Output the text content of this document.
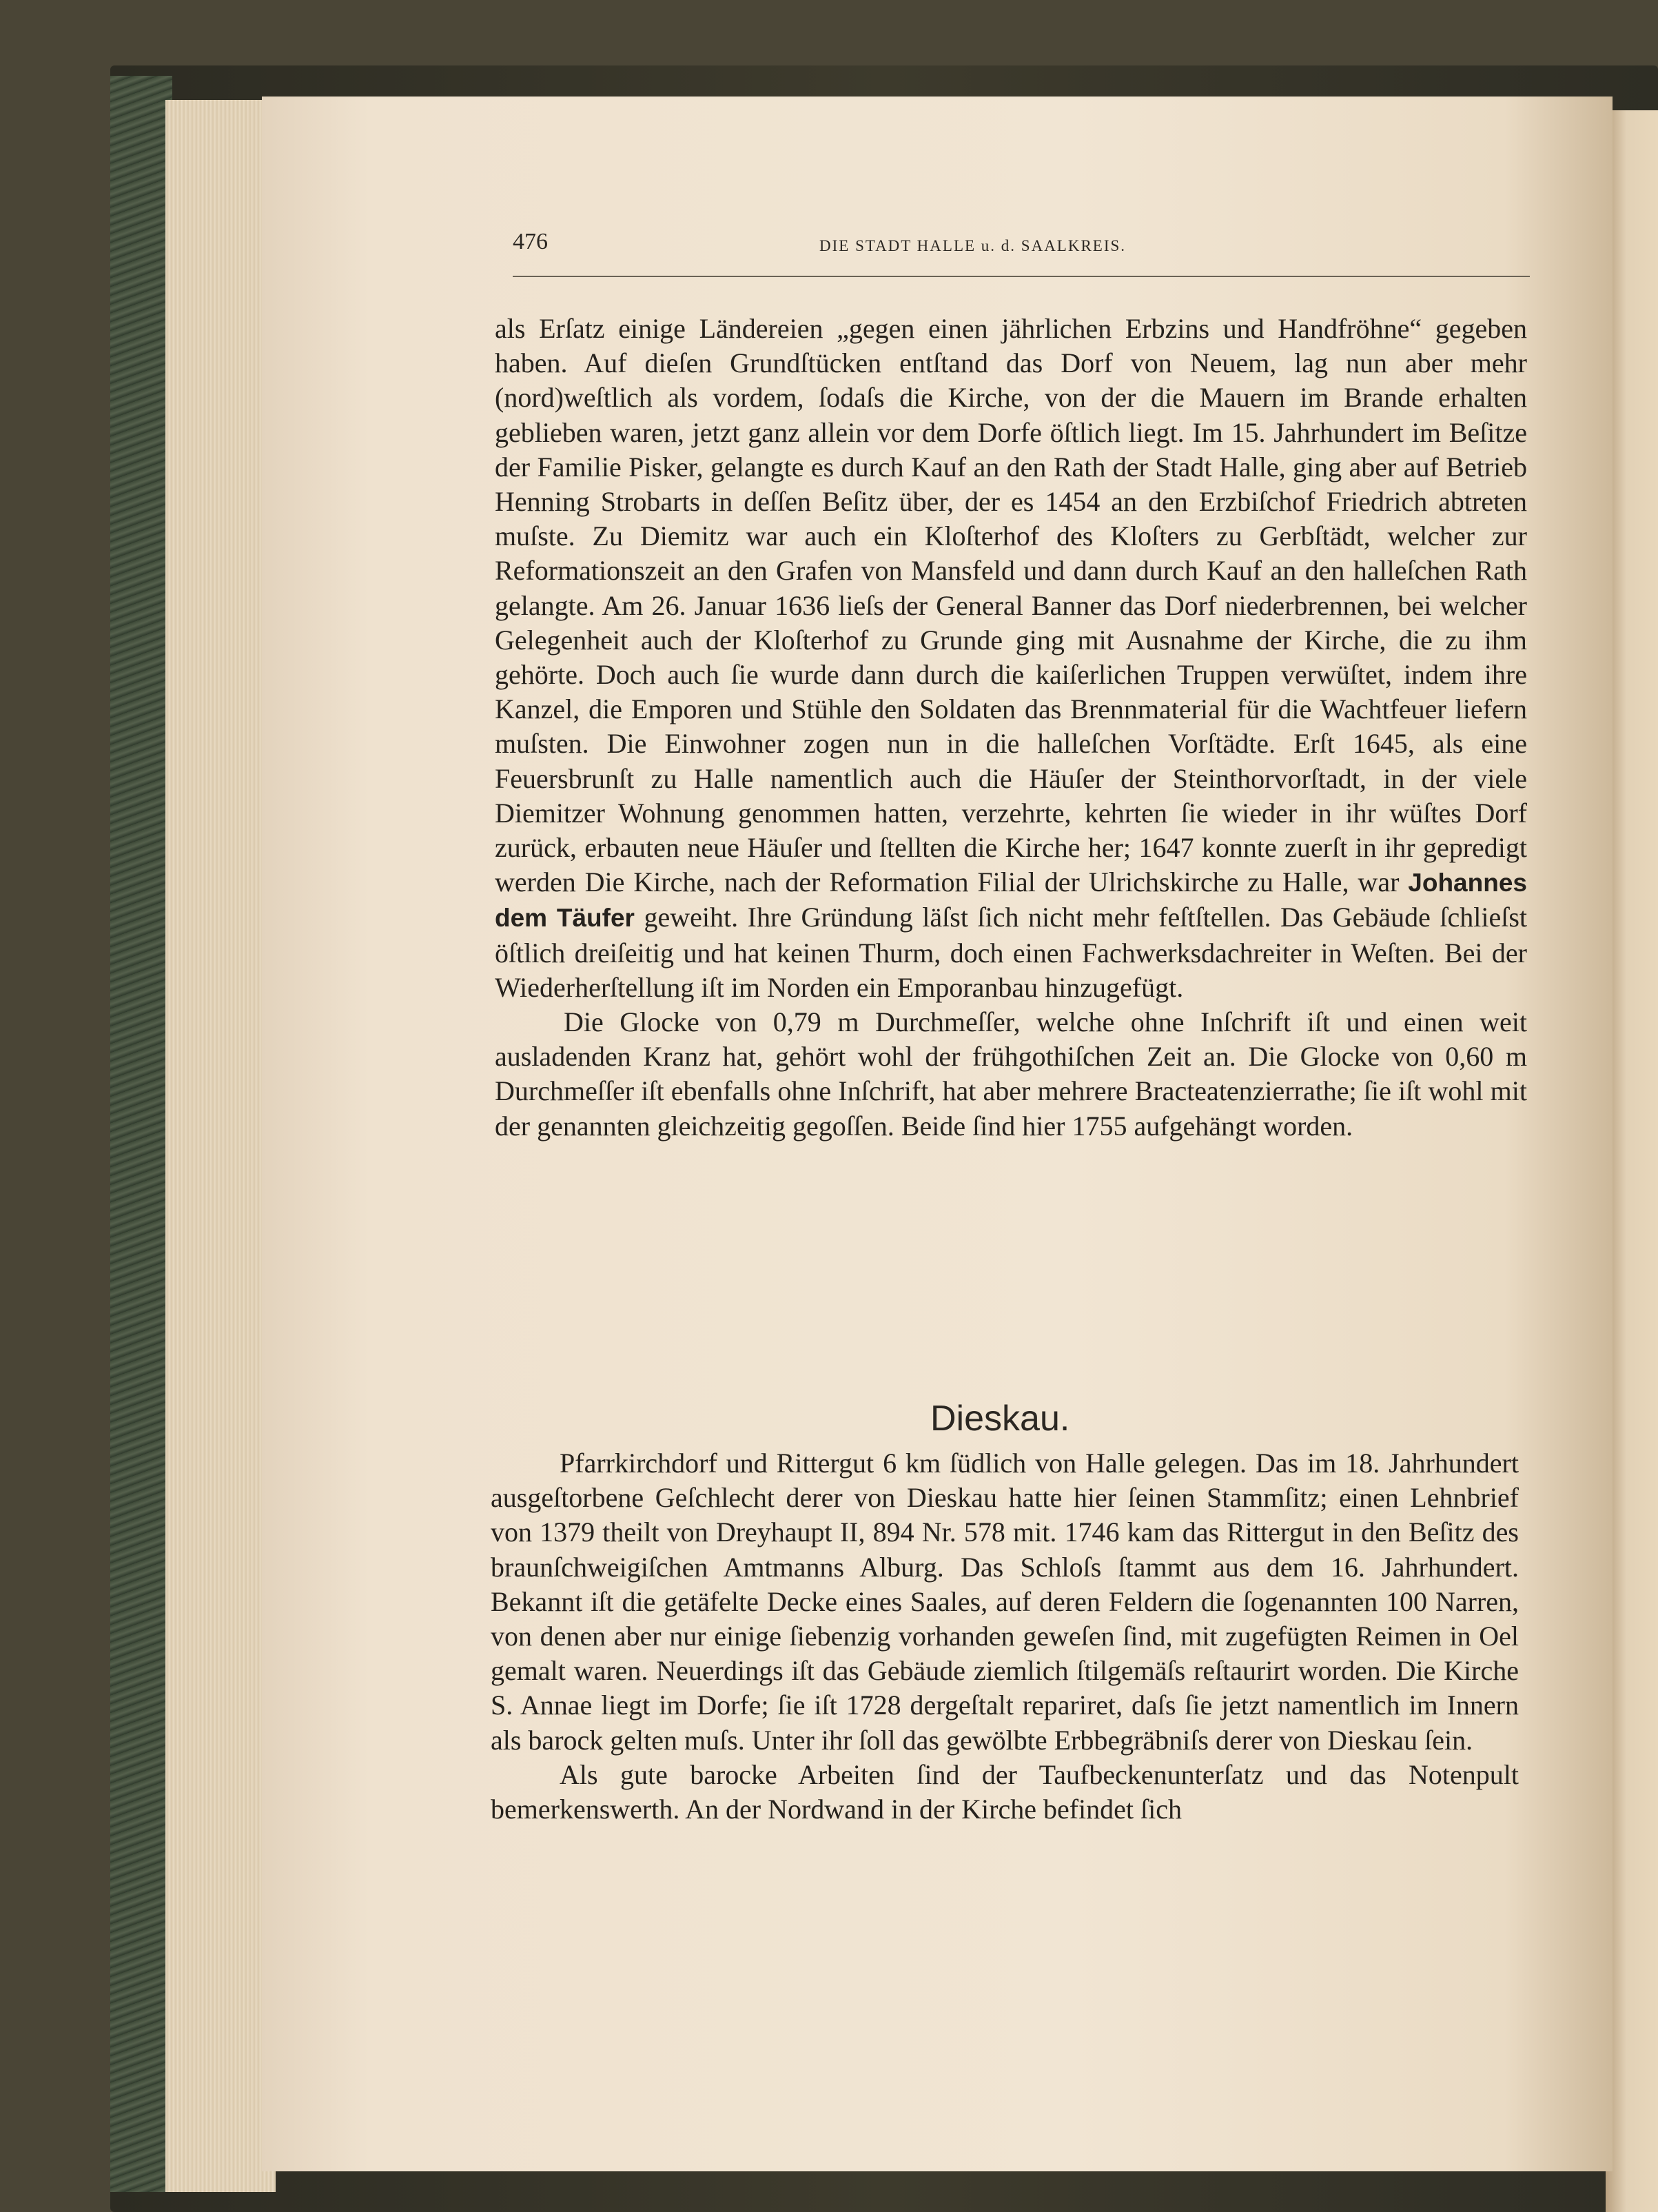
476	DIE STADT HALLE u. d. SAALKREIS.

als Erſatz einige Ländereien „gegen einen jährlichen Erbzins und Handfröhne“ gegeben haben. Auf dieſen Grundſtücken entſtand das Dorf von Neuem, lag nun aber mehr (nord)weſtlich als vordem, ſodaſs die Kirche, von der die Mauern im Brande erhalten geblieben waren, jetzt ganz allein vor dem Dorfe öſtlich liegt. Im 15. Jahrhundert im Beſitze der Familie Pisker, gelangte es durch Kauf an den Rath der Stadt Halle, ging aber auf Betrieb Henning Strobarts in deſſen Beſitz über, der es 1454 an den Erzbiſchof Friedrich abtreten muſste. Zu Diemitz war auch ein Kloſterhof des Kloſters zu Gerbſtädt, welcher zur Reformationszeit an den Grafen von Mansfeld und dann durch Kauf an den halleſchen Rath gelangte. Am 26. Januar 1636 lieſs der General Banner das Dorf niederbrennen, bei welcher Gelegenheit auch der Kloſterhof zu Grunde ging mit Ausnahme der Kirche, die zu ihm gehörte. Doch auch ſie wurde dann durch die kaiſerlichen Truppen verwüſtet, indem ihre Kanzel, die Emporen und Stühle den Soldaten das Brennmaterial für die Wachtfeuer liefern muſsten. Die Einwohner zogen nun in die halleſchen Vorſtädte. Erſt 1645, als eine Feuersbrunſt zu Halle namentlich auch die Häuſer der Steinthorvorſtadt, in der viele Diemitzer Wohnung genommen hatten, verzehrte, kehrten ſie wieder in ihr wüſtes Dorf zurück, erbauten neue Häuſer und ſtellten die Kirche her; 1647 konnte zuerſt in ihr gepredigt werden Die Kirche, nach der Reformation Filial der Ulrichskirche zu Halle, war Johannes dem Täufer geweiht. Ihre Gründung läſst ſich nicht mehr feſtſtellen. Das Gebäude ſchlieſst öſtlich dreiſeitig und hat keinen Thurm, doch einen Fachwerksdachreiter in Weſten. Bei der Wiederherſtellung iſt im Norden ein Emporanbau hinzugefügt.

Die Glocke von 0,79 m Durchmeſſer, welche ohne Inſchrift iſt und einen weit ausladenden Kranz hat, gehört wohl der frühgothiſchen Zeit an. Die Glocke von 0,60 m Durchmeſſer iſt ebenfalls ohne Inſchrift, hat aber mehrere Bracteatenzierrathe; ſie iſt wohl mit der genannten gleichzeitig gegoſſen. Beide ſind hier 1755 aufgehängt worden.

Dieskau.

Pfarrkirchdorf und Rittergut 6 km ſüdlich von Halle gelegen. Das im 18. Jahrhundert ausgeſtorbene Geſchlecht derer von Dieskau hatte hier ſeinen Stammſitz; einen Lehnbrief von 1379 theilt von Dreyhaupt II, 894 Nr. 578 mit. 1746 kam das Rittergut in den Beſitz des braunſchweigiſchen Amtmanns Alburg. Das Schloſs ſtammt aus dem 16. Jahrhundert. Bekannt iſt die getäfelte Decke eines Saales, auf deren Feldern die ſogenannten 100 Narren, von denen aber nur einige ſiebenzig vorhanden geweſen ſind, mit zugefügten Reimen in Oel gemalt waren. Neuerdings iſt das Gebäude ziemlich ſtilgemäſs reſtaurirt worden. Die Kirche S. Annae liegt im Dorfe; ſie iſt 1728 dergeſtalt repariret, daſs ſie jetzt namentlich im Innern als barock gelten muſs. Unter ihr ſoll das gewölbte Erbbegräbniſs derer von Dieskau ſein.

Als gute barocke Arbeiten ſind der Taufbeckenunterſatz und das Notenpult bemerkenswerth. An der Nordwand in der Kirche befindet ſich
